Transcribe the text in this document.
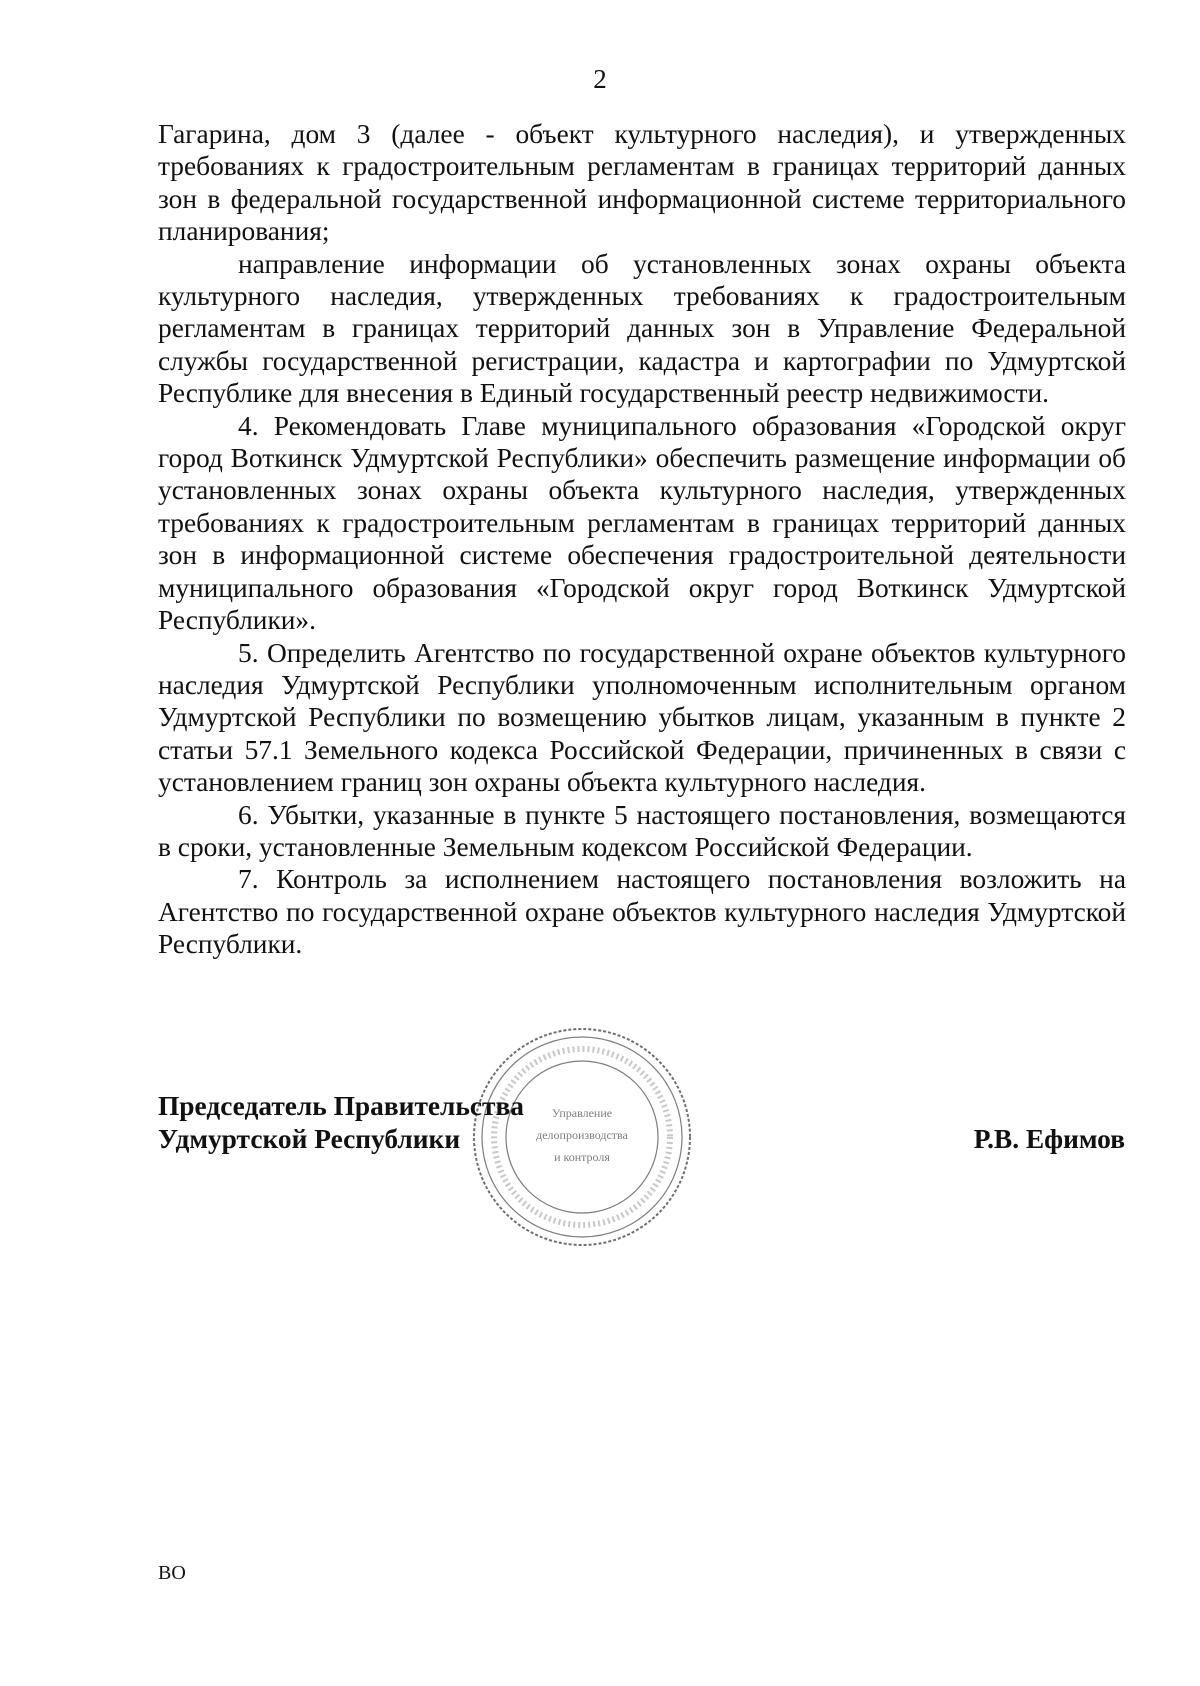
2

Гагарина, дом 3 (далее - объект культурного наследия), и утвержденных требованиях к градостроительным регламентам в границах территорий данных зон в федеральной государственной информационной системе территориального планирования;

направление информации об установленных зонах охраны объекта культурного наследия, утвержденных требованиях к градостроительным регламентам в границах территорий данных зон в Управление Федеральной службы государственной регистрации, кадастра и картографии по Удмуртской Республике для внесения в Единый государственный реестр недвижимости.

4. Рекомендовать Главе муниципального образования «Городской округ город Воткинск Удмуртской Республики» обеспечить размещение информации об установленных зонах охраны объекта культурного наследия, утвержденных требованиях к градостроительным регламентам в границах территорий данных зон в информационной системе обеспечения градостроительной деятельности муниципального образования «Городской округ город Воткинск Удмуртской Республики».

5. Определить Агентство по государственной охране объектов культурного наследия Удмуртской Республики уполномоченным исполнительным органом Удмуртской Республики по возмещению убытков лицам, указанным в пункте 2 статьи 57.1 Земельного кодекса Российской Федерации, причиненных в связи с установлением границ зон охраны объекта культурного наследия.

6. Убытки, указанные в пункте 5 настоящего постановления, возмещаются в сроки, установленные Земельным кодексом Российской Федерации.

7. Контроль за исполнением настоящего постановления возложить на Агентство по государственной охране объектов культурного наследия Удмуртской Республики.

Управление
делопроизводства
и контроля
Председатель Правительства
Удмуртской Республики	Р.В. Ефимов
ВО
